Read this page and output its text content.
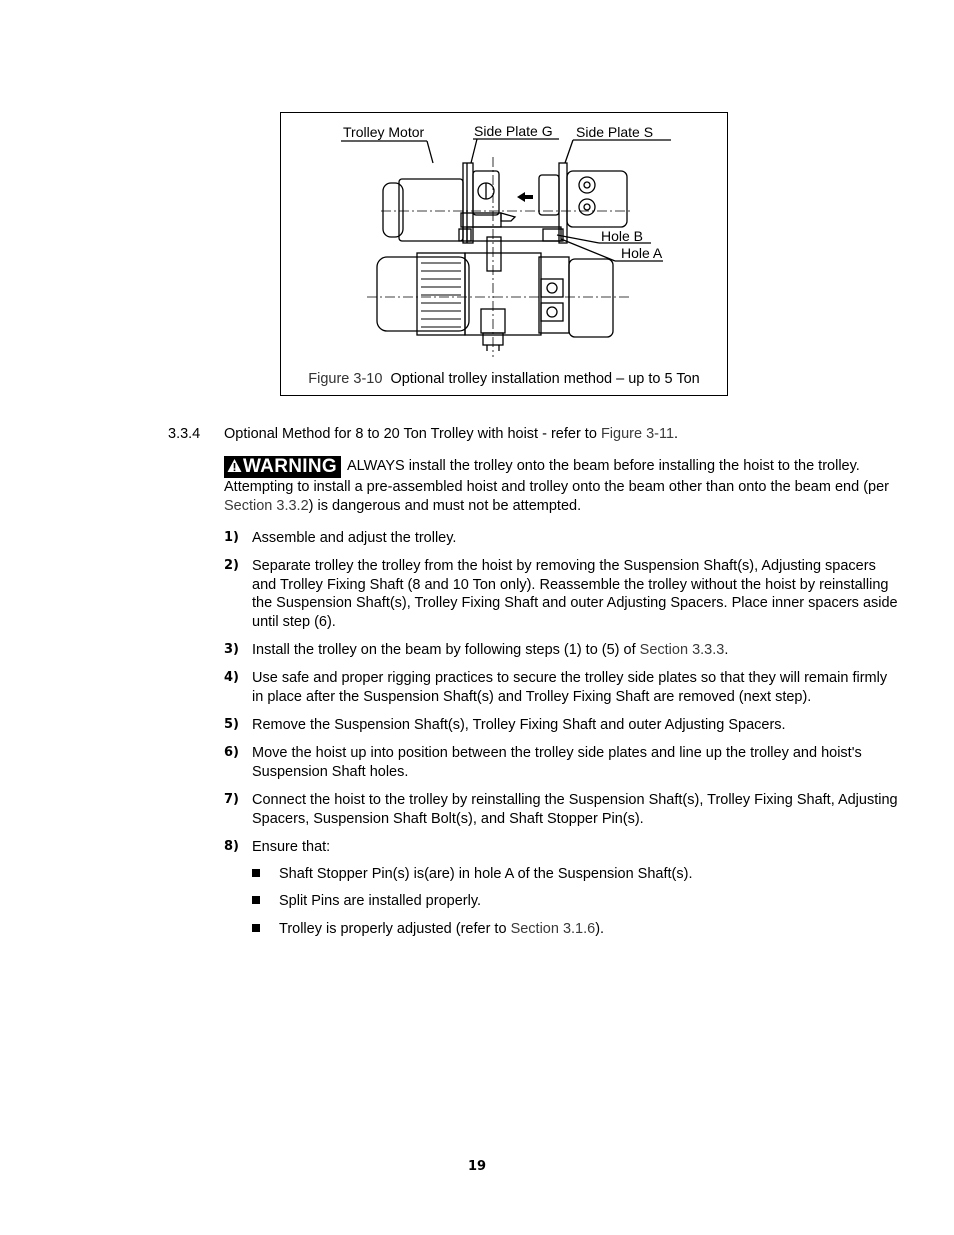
Trolley Motor	Side Plate G Side Plate S
Hole B
Hole A
Figure 3-10 Optional trolley installation method – up to 5 Ton
3.3.4 Optional Method for 8 to 20 Ton Trolley with hoist - refer to Figure 3-11.
WARNING ALWAYS install the trolley onto the beam before installing the hoist to the trolley. Attempting to install a pre-assembled hoist and trolley onto the beam other than onto the beam end (per Section 3.3.2) is dangerous and must not be attempted.
1) Assemble and adjust the trolley.
2) Separate trolley the trolley from the hoist by removing the Suspension Shaft(s), Adjusting spacers and Trolley Fixing Shaft (8 and 10 Ton only). Reassemble the trolley without the hoist by reinstalling the Suspension Shaft(s), Trolley Fixing Shaft and outer Adjusting Spacers. Place inner spacers aside until step (6).
3) Install the trolley on the beam by following steps (1) to (5) of Section 3.3.3.
4) Use safe and proper rigging practices to secure the trolley side plates so that they will remain firmly in place after the Suspension Shaft(s) and Trolley Fixing Shaft are removed (next step).
5) Remove the Suspension Shaft(s), Trolley Fixing Shaft and outer Adjusting Spacers.
6) Move the hoist up into position between the trolley side plates and line up the trolley and hoist's Suspension Shaft holes.
7) Connect the hoist to the trolley by reinstalling the Suspension Shaft(s), Trolley Fixing Shaft, Adjusting Spacers, Suspension Shaft Bolt(s), and Shaft Stopper Pin(s).
8) Ensure that:
Shaft Stopper Pin(s) is(are) in hole A of the Suspension Shaft(s).
Split Pins are installed properly.
Trolley is properly adjusted (refer to Section 3.1.6).
19
